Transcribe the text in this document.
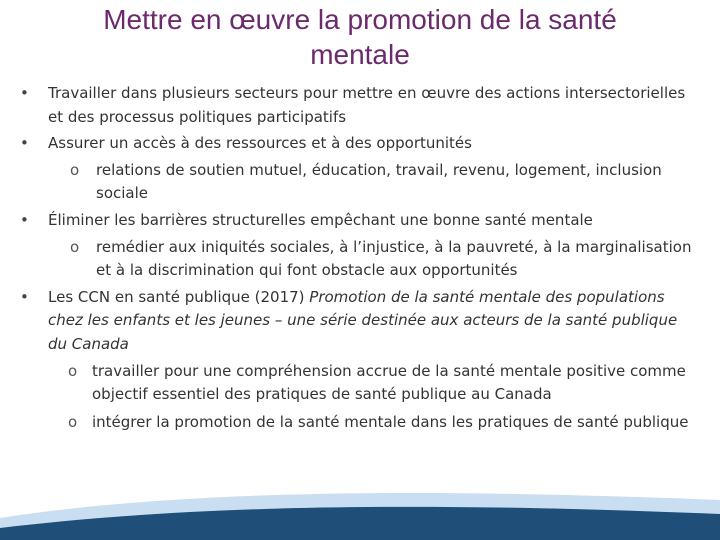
Mettre en œuvre la promotion de la santé
mentale
•	Travailler dans plusieurs secteurs pour mettre en œuvre des actions intersectorielles et des processus politiques participatifs
•	Assurer un accès à des ressources et à des opportunités
o relations de soutien mutuel, éducation, travail, revenu, logement, inclusion sociale
•	Éliminer les barrières structurelles empêchant une bonne santé mentale
o remédier aux iniquités sociales, à l’injustice, à la pauvreté, à la marginalisation et à la discrimination qui font obstacle aux opportunités
•	Les CCN en santé publique (2017) Promotion de la santé mentale des populations chez les enfants et les jeunes – une série destinée aux acteurs de la santé publique du Canada
o travailler pour une compréhension accrue de la santé mentale positive comme objectif essentiel des pratiques de santé publique au Canada
o intégrer la promotion de la santé mentale dans les pratiques de santé publique
